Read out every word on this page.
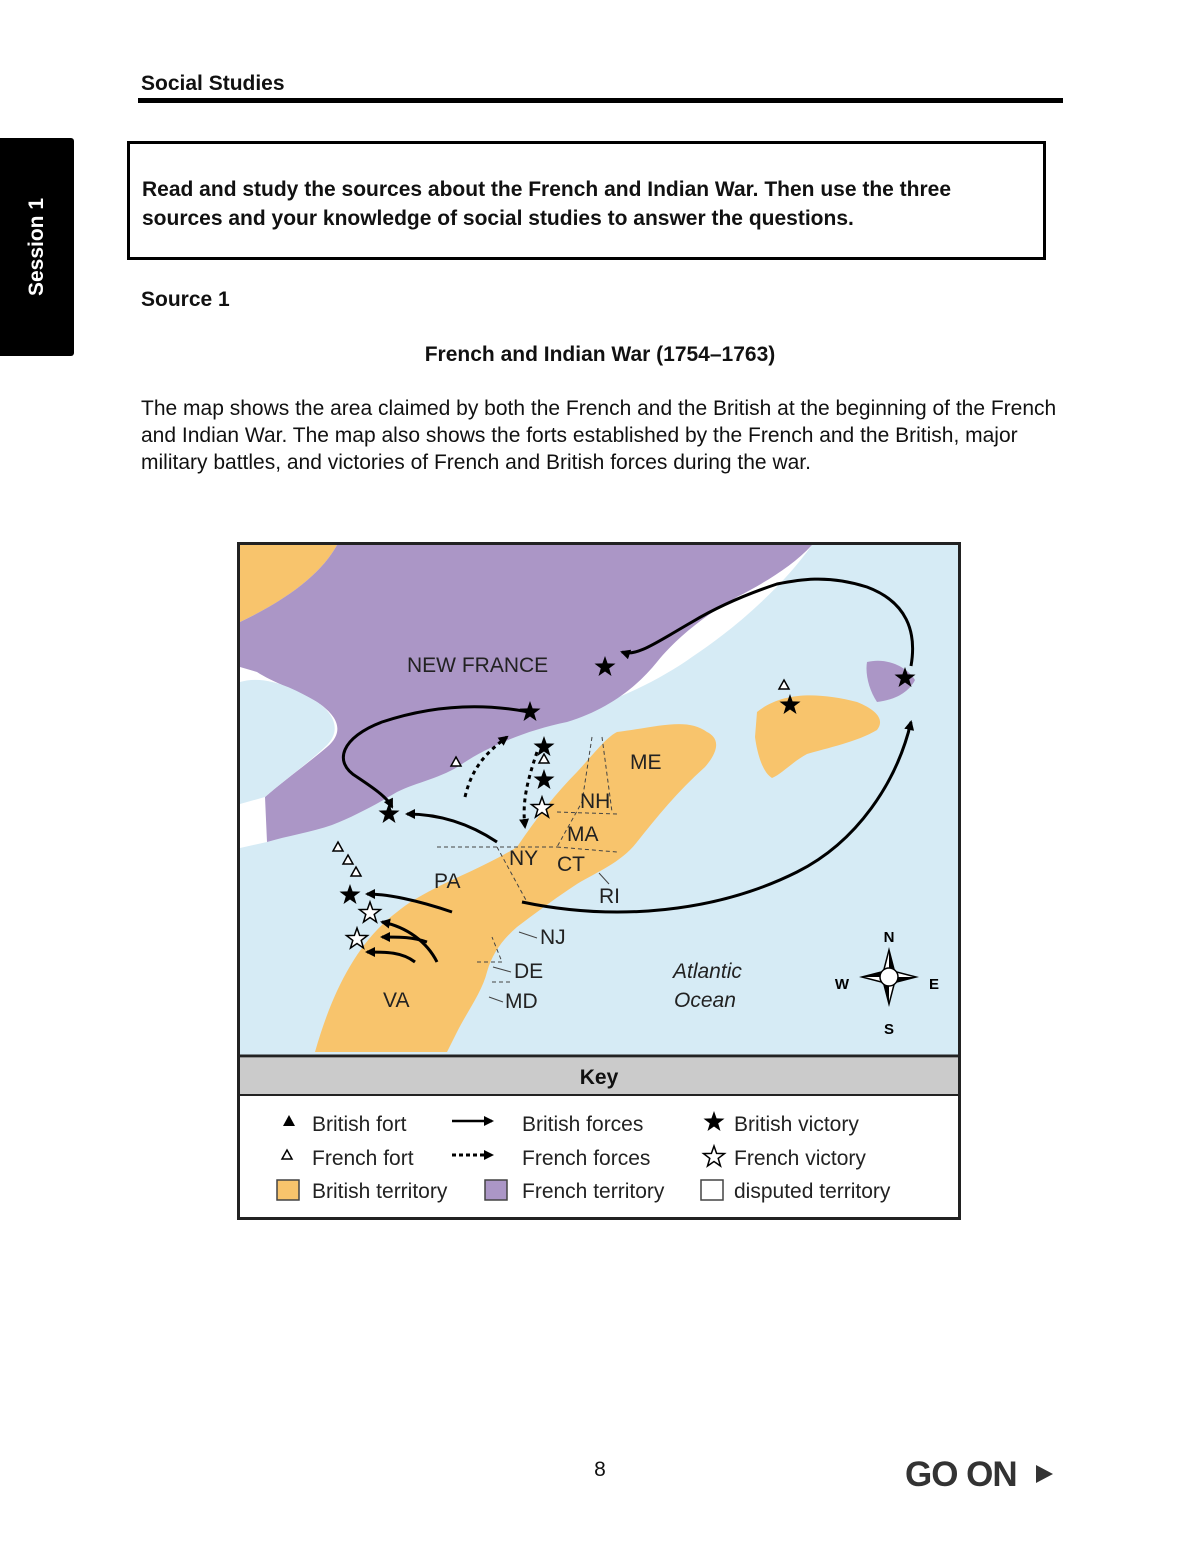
Session 1
Social Studies
Read and study the sources about the French and Indian War. Then use the three sources and your knowledge of social studies to answer the questions.
Source 1
French and Indian War (1754–1763)
The map shows the area claimed by both the French and the British at the beginning of the French and Indian War. The map also shows the forts established by the French and the British, major military battles, and victories of French and British forces during the war.
NEW FRANCE
ME
NH
MA
NY CT
RI
PA
NJ
DE
MD
VA
Atlantic
Ocean
N
S
E
W
Key
British fort	British forces	British victory
French fort	French forces	French victory
British territory	French territory	disputed territory
8	GO ON
